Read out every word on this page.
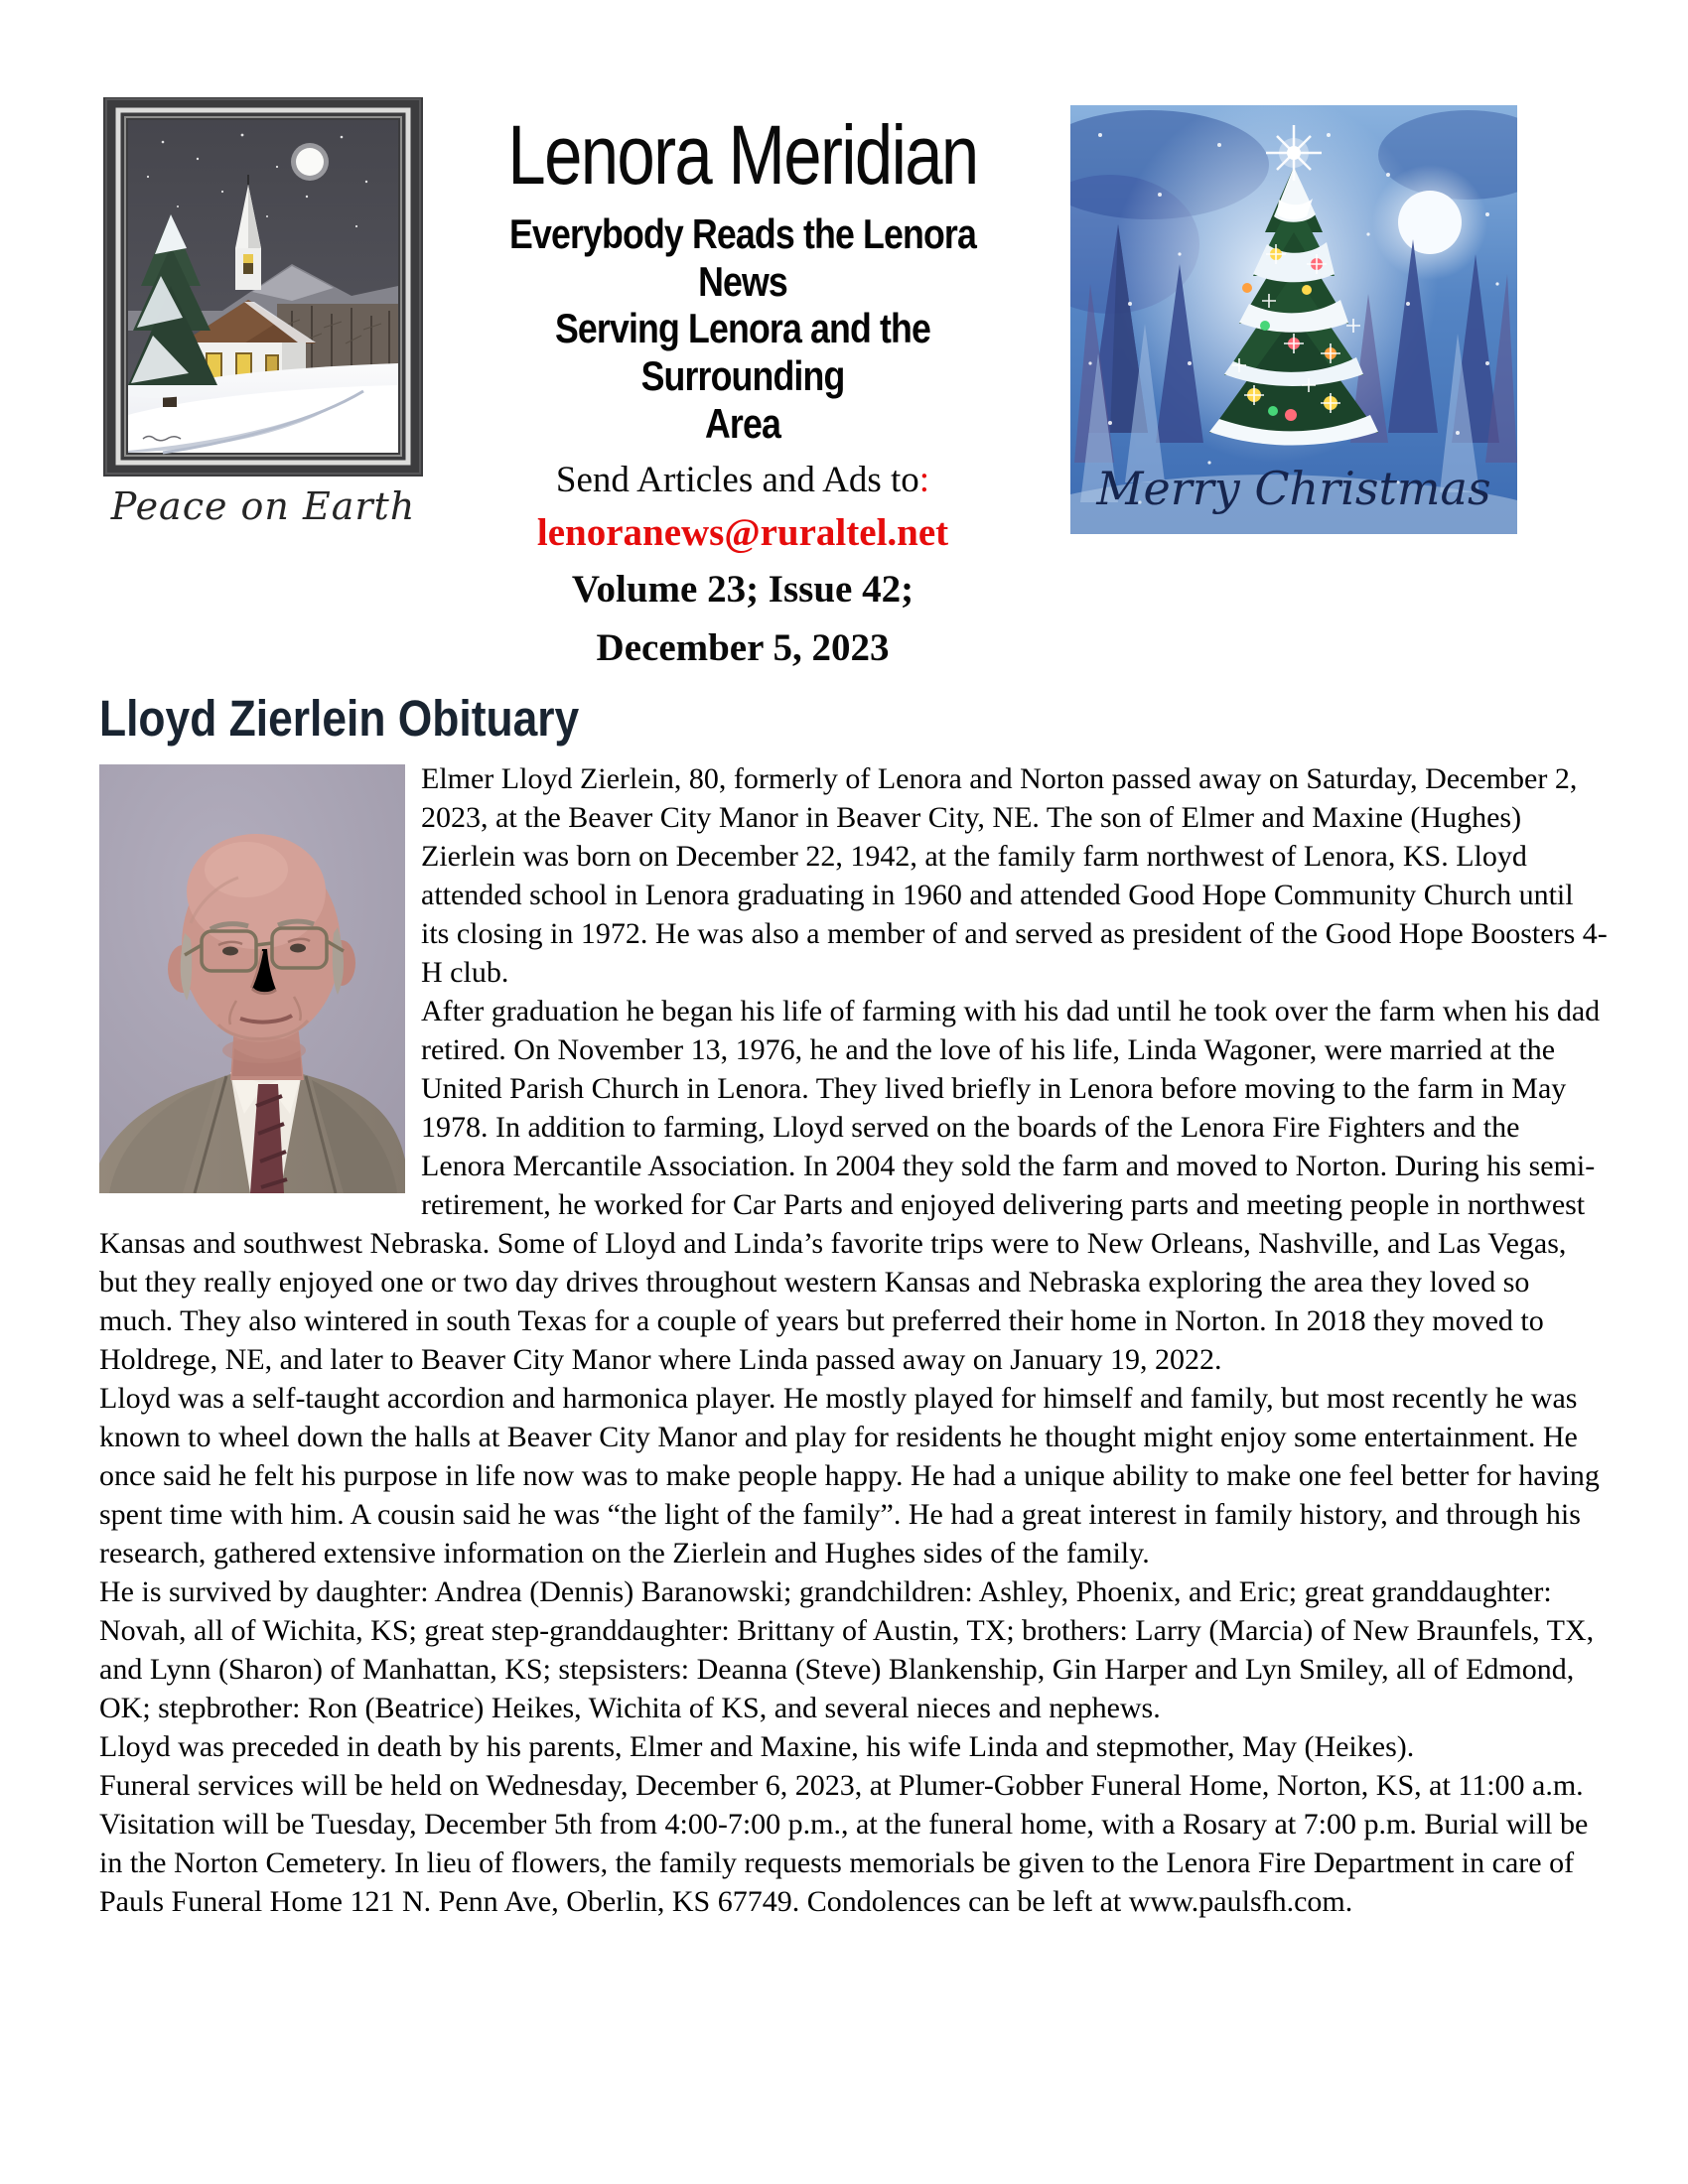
Peace on Earth
Lenora Meridian
Everybody Reads the Lenora News
Serving Lenora and the Surrounding
Area
Send Articles and Ads to:
lenoranews@ruraltel.net
Volume 23; Issue 42;
December 5, 2023
Merry Christmas
Lloyd Zierlein Obituary

Elmer Lloyd Zierlein, 80, formerly of Lenora and Norton passed away on Saturday, December 2, 2023, at the Beaver City Manor in Beaver City, NE. The son of Elmer and Maxine (Hughes) Zierlein was born on December 22, 1942, at the family farm northwest of Lenora, KS. Lloyd attended school in Lenora graduating in 1960 and attended Good Hope Community Church until its closing in 1972. He was also a member of and served as president of the Good Hope Boosters 4-H club.

After graduation he began his life of farming with his dad until he took over the farm when his dad retired. On November 13, 1976, he and the love of his life, Linda Wagoner, were married at the United Parish Church in Lenora. They lived briefly in Lenora before moving to the farm in May 1978. In addition to farming, Lloyd served on the boards of the Lenora Fire Fighters and the Lenora Mercantile Association. In 2004 they sold the farm and moved to Norton. During his semi-retirement, he worked for Car Parts and enjoyed delivering parts and meeting people in northwest Kansas and southwest Nebraska. Some of Lloyd and Linda’s favorite trips were to New Orleans, Nashville, and Las Vegas, but they really enjoyed one or two day drives throughout western Kansas and Nebraska exploring the area they loved so much. They also wintered in south Texas for a couple of years but preferred their home in Norton. In 2018 they moved to Holdrege, NE, and later to Beaver City Manor where Linda passed away on January 19, 2022.

Lloyd was a self-taught accordion and harmonica player. He mostly played for himself and family, but most recently he was known to wheel down the halls at Beaver City Manor and play for residents he thought might enjoy some entertainment. He once said he felt his purpose in life now was to make people happy. He had a unique ability to make one feel better for having spent time with him. A cousin said he was “the light of the family”. He had a great interest in family history, and through his research, gathered extensive information on the Zierlein and Hughes sides of the family.

He is survived by daughter: Andrea (Dennis) Baranowski; grandchildren: Ashley, Phoenix, and Eric; great granddaughter: Novah, all of Wichita, KS; great step-granddaughter: Brittany of Austin, TX; brothers: Larry (Marcia) of New Braunfels, TX, and Lynn (Sharon) of Manhattan, KS; stepsisters: Deanna (Steve) Blankenship, Gin Harper and Lyn Smiley, all of Edmond, OK; stepbrother: Ron (Beatrice) Heikes, Wichita of KS, and several nieces and nephews.

Lloyd was preceded in death by his parents, Elmer and Maxine, his wife Linda and stepmother, May (Heikes).

Funeral services will be held on Wednesday, December 6, 2023, at Plumer-Gobber Funeral Home, Norton, KS, at 11:00 a.m. Visitation will be Tuesday, December 5th from 4:00-7:00 p.m., at the funeral home, with a Rosary at 7:00 p.m. Burial will be in the Norton Cemetery. In lieu of flowers, the family requests memorials be given to the Lenora Fire Department in care of Pauls Funeral Home 121 N. Penn Ave, Oberlin, KS 67749. Condolences can be left at www.paulsfh.com.
